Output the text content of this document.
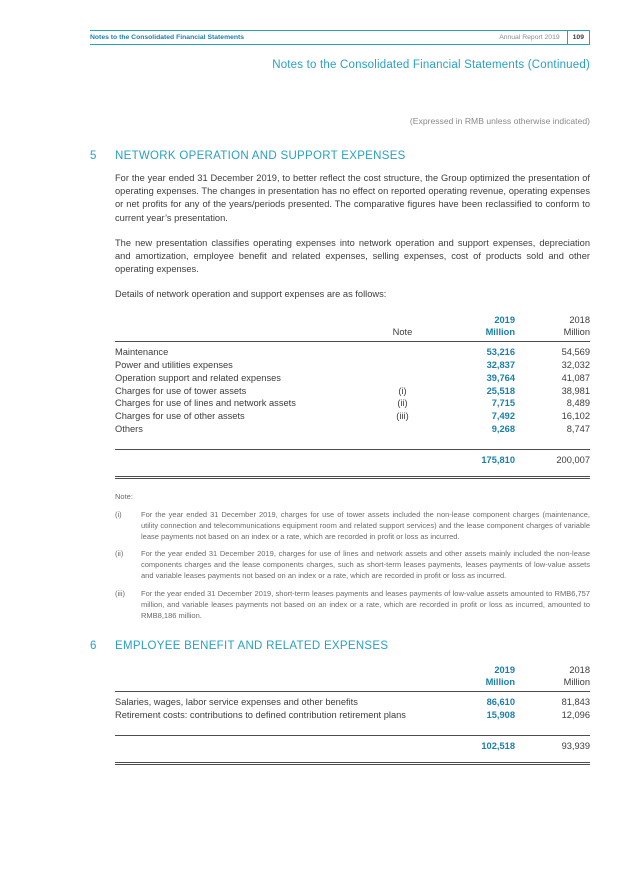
Notes to the Consolidated Financial Statements	Annual Report 2019	109
Notes to the Consolidated Financial Statements (Continued)
(Expressed in RMB unless otherwise indicated)
5	NETWORK OPERATION AND SUPPORT EXPENSES

For the year ended 31 December 2019, to better reflect the cost structure, the Group optimized the presentation of operating expenses. The changes in presentation has no effect on reported operating revenue, operating expenses or net profits for any of the years/periods presented. The comparative figures have been reclassified to conform to current year’s presentation.

The new presentation classifies operating expenses into network operation and support expenses, depreciation and amortization, employee benefit and related expenses, selling expenses, cost of products sold and other operating expenses.

Details of network operation and support expenses are as follows:

		2019	2018
	Note	Million	Million
Maintenance		53,216	54,569
Power and utilities expenses		32,837	32,032
Operation support and related expenses		39,764	41,087
Charges for use of tower assets	(i)	25,518	38,981
Charges for use of lines and network assets	(ii)	7,715	8,489
Charges for use of other assets	(iii)	7,492	16,102
Others		9,268	8,747

		175,810	200,007
Note:
(i)	For the year ended 31 December 2019, charges for use of tower assets included the non-lease component charges (maintenance, utility connection and telecommunications equipment room and related support services) and the lease component charges of variable lease payments not based on an index or a rate, which are recorded in profit or loss as incurred.
(ii)	For the year ended 31 December 2019, charges for use of lines and network assets and other assets mainly included the non-lease components charges and the lease components charges, such as short-term leases payments, leases payments of low-value assets and variable leases payments not based on an index or a rate, which are recorded in profit or loss as incurred.
(iii)	For the year ended 31 December 2019, short-term leases payments and leases payments of low-value assets amounted to RMB6,757 million, and variable leases payments not based on an index or a rate, which are recorded in profit or loss as incurred, amounted to RMB8,186 million.
6	EMPLOYEE BENEFIT AND RELATED EXPENSES
	2019	2018
	Million	Million
Salaries, wages, labor service expenses and other benefits	86,610	81,843
Retirement costs: contributions to defined contribution retirement plans	15,908	12,096

	102,518	93,939
